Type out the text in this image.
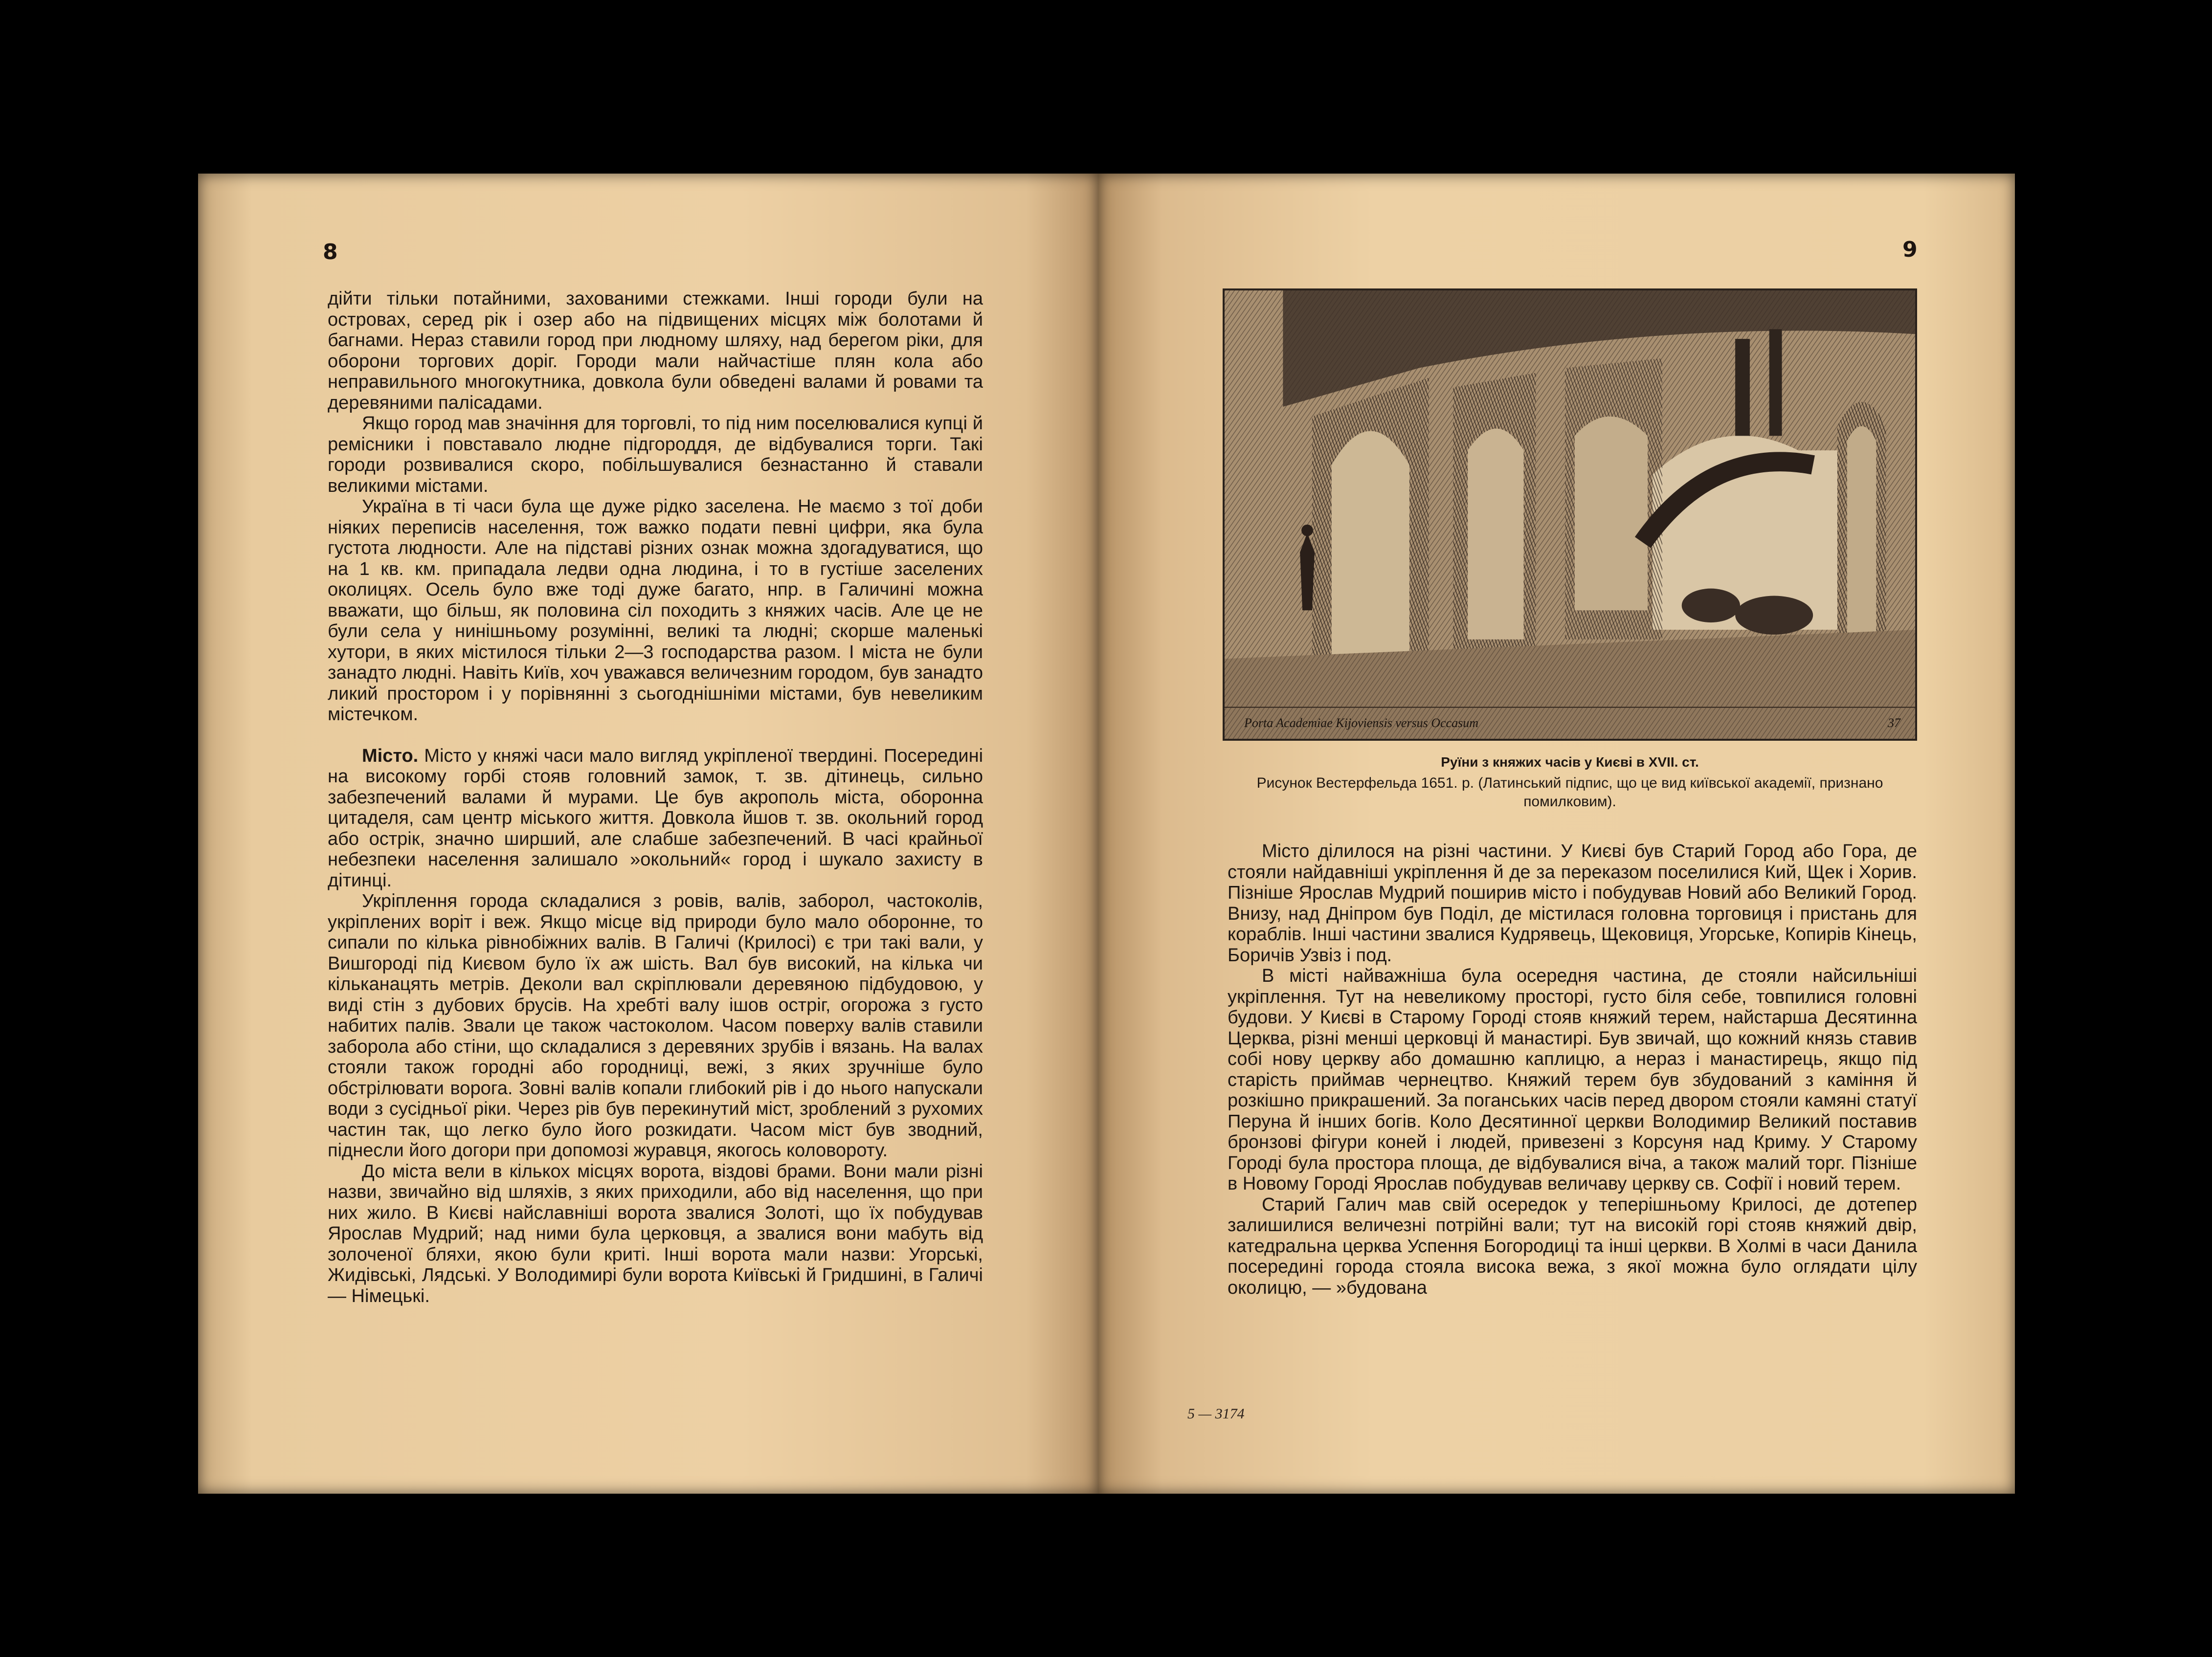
8

дійти тільки потайними, захованими стежками. Інші городи були на островах, серед рік і озер або на підвищених місцях між болотами й багнами. Нераз ставили город при людному шляху, над берегом ріки, для оборони торгових доріг. Городи мали найчастіше плян кола або неправильного многокутника, довкола були обведені валами й ровами та деревяними палісадами.

Якщо город мав значіння для торговлі, то під ним поселювалися купці й ремісники і повставало людне підгороддя, де відбувалися торги. Такі городи розвивалися скоро, побільшувалися безнастанно й ставали великими містами.

Україна в ті часи була ще дуже рідко заселена. Не маємо з тої доби ніяких переписів населення, тож важко подати певні цифри, яка була густота людности. Але на підставі різних ознак можна здогадуватися, що на 1 кв. км. припадала ледви одна людина, і то в густіше заселених околицях. Осель було вже тоді дуже багато, нпр. в Галичині можна вважати, що більш, як половина сіл походить з княжих часів. Але це не були села у нинішньому розумінні, великі та людні; скорше маленькі хутори, в яких містилося тільки 2—3 господарства разом. І міста не були занадто людні. Навіть Київ, хоч уважався величезним городом, був занадто ликий простором і у порівнянні з сьогоднішніми містами, був невеликим містечком.

Місто. Місто у княжі часи мало вигляд укріпленої твердині. Посередині на високому горбі стояв головний замок, т. зв. дітинець, сильно забезпечений валами й мурами. Це був акрополь міста, оборонна цитаделя, сам центр міського життя. Довкола йшов т. зв. окольний город або острік, значно ширший, але слабше забезпечений. В часі крайньої небезпеки населення залишало »окольний« город і шукало захисту в дітинці.

Укріплення города складалися з ровів, валів, заборол, частоколів, укріплених воріт і веж. Якщо місце від природи було мало оборонне, то сипали по кілька рівнобіжних валів. В Галичі (Крилосі) є три такі вали, у Вишгороді під Києвом було їх аж шість. Вал був високий, на кілька чи кільканацять метрів. Деколи вал скріплювали деревяною підбудовою, у виді стін з дубових брусів. На хребті валу ішов остріг, огорожа з густо набитих палів. Звали це також частоколом. Часом поверху валів ставили заборола або стіни, що складалися з деревяних зрубів і вязань. На валах стояли також городні або городниці, вежі, з яких зручніше було обстрілювати ворога. Зовні валів копали глибокий рів і до нього напускали води з сусідньої ріки. Через рів був перекинутий міст, зроблений з рухомих частин так, що легко було його розкидати. Часом міст був зводний, піднесли його догори при допомозі журавця, якогось коловороту.

До міста вели в кількох місцях ворота, віздові брами. Вони мали різні назви, звичайно від шляхів, з яких приходили, або від населення, що при них жило. В Києві найславніші ворота звалися Золоті, що їх побудував Ярослав Мудрий; над ними була церковця, а звалися вони мабуть від золоченої бляхи, якою були криті. Інші ворота мали назви: Угорські, Жидівські, Лядські. У Володимирі були ворота Київські й Гридшині, в Галичі — Німецькі.

9
Porta Academiae Kijoviensis versus Occasum	37
Руїни з княжих часів у Києві в XVII. ст.
Рисунок Вестерфельда 1651. р. (Латинський підпис, що це вид київської академії, признано помилковим).

Місто ділилося на різні частини. У Києві був Старий Город або Гора, де стояли найдавніші укріплення й де за переказом поселилися Кий, Щек і Хорив. Пізніше Ярослав Мудрий поширив місто і побудував Новий або Великий Город. Внизу, над Дніпром був Поділ, де містилася головна торговиця і пристань для кораблів. Інші частини звалися Кудрявець, Щековиця, Угорське, Копирів Кінець, Боричів Узвіз і под.

В місті найважніша була осередня частина, де стояли найсильніші укріплення. Тут на невеликому просторі, густо біля себе, товпилися головні будови. У Києві в Старому Городі стояв княжий терем, найстарша Десятинна Церква, різні менші церковці й манастирі. Був звичай, що кожний князь ставив собі нову церкву або домашню каплицю, а нераз і манастирець, якщо під старість приймав чернецтво. Княжий терем був збудований з каміння й розкішно прикрашений. За поганських часів перед двором стояли камяні статуї Перуна й інших богів. Коло Десятинної церкви Володимир Великий поставив бронзові фігури коней і людей, привезені з Корсуня над Криму. У Старому Городі була простора площа, де відбувалися віча, а також малий торг. Пізніше в Новому Городі Ярослав побудував величаву церкву св. Софії і новий терем.

Старий Галич мав свій осередок у теперішньому Крилосі, де дотепер залишилися величезні потрійні вали; тут на високій горі стояв княжий двір, катедральна церква Успення Богородиці та інші церкви. В Холмі в часи Данила посередині города стояла висока вежа, з якої можна було оглядати цілу околицю, — »будована

5 — 3174
